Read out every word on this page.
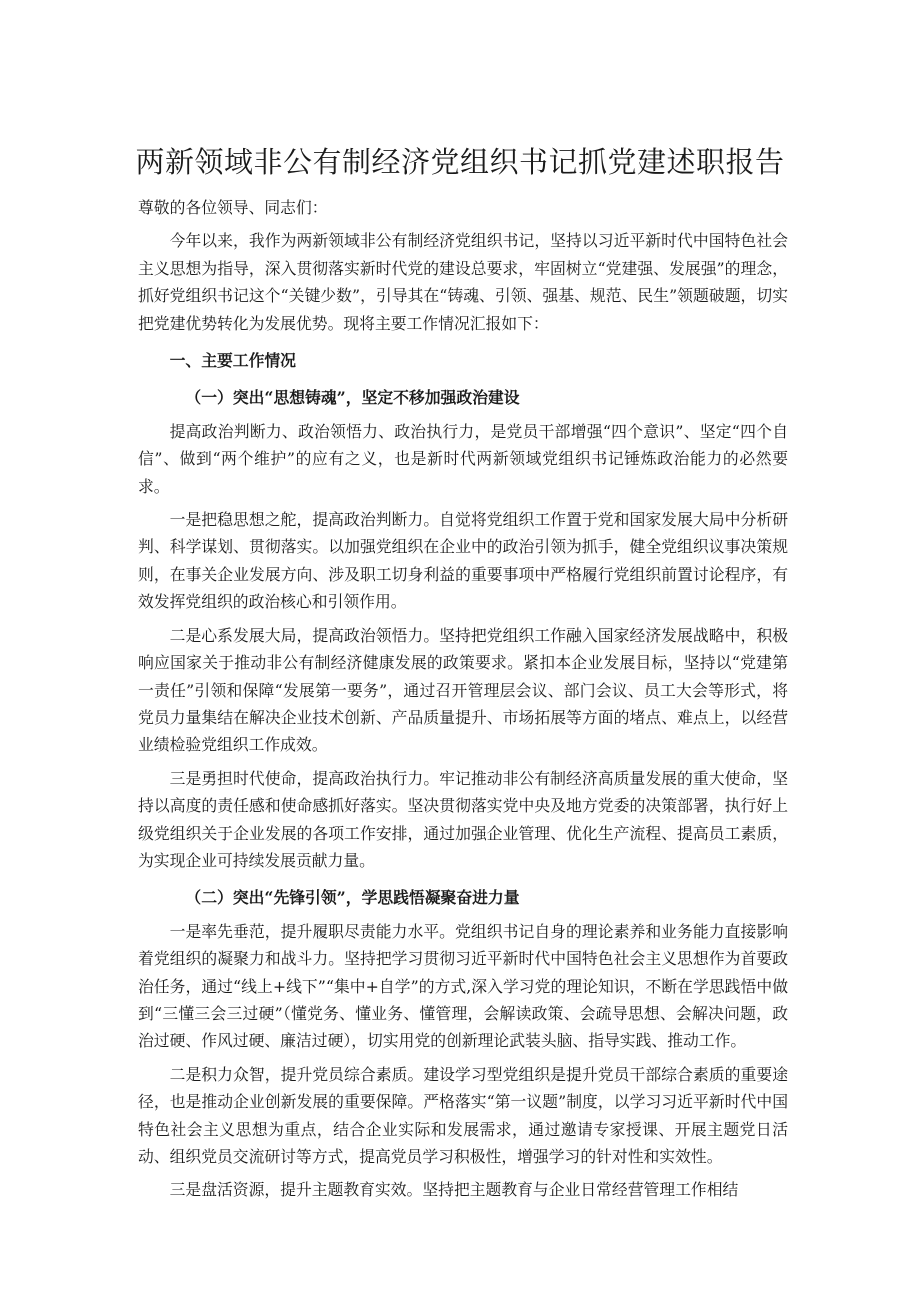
两新领域非公有制经济党组织书记抓党建述职报告

尊敬的各位领导、同志们：

今年以来，我作为两新领域非公有制经济党组织书记，坚持以习近平新时代中国特色社会主义思想为指导，深入贯彻落实新时代党的建设总要求，牢固树立“党建强、发展强”的理念，抓好党组织书记这个“关键少数”，引导其在“铸魂、引领、强基、规范、民生”领题破题，切实把党建优势转化为发展优势。现将主要工作情况汇报如下：

一、主要工作情况

（一）突出“思想铸魂”，坚定不移加强政治建设

提高政治判断力、政治领悟力、政治执行力，是党员干部增强“四个意识”、坚定“四个自信”、做到“两个维护”的应有之义，也是新时代两新领域党组织书记锤炼政治能力的必然要求。

一是把稳思想之舵，提高政治判断力。自觉将党组织工作置于党和国家发展大局中分析研判、科学谋划、贯彻落实。以加强党组织在企业中的政治引领为抓手，健全党组织议事决策规则，在事关企业发展方向、涉及职工切身利益的重要事项中严格履行党组织前置讨论程序，有效发挥党组织的政治核心和引领作用。

二是心系发展大局，提高政治领悟力。坚持把党组织工作融入国家经济发展战略中，积极响应国家关于推动非公有制经济健康发展的政策要求。紧扣本企业发展目标，坚持以“党建第一责任”引领和保障“发展第一要务”，通过召开管理层会议、部门会议、员工大会等形式，将党员力量集结在解决企业技术创新、产品质量提升、市场拓展等方面的堵点、难点上，以经营业绩检验党组织工作成效。

三是勇担时代使命，提高政治执行力。牢记推动非公有制经济高质量发展的重大使命，坚持以高度的责任感和使命感抓好落实。坚决贯彻落实党中央及地方党委的决策部署，执行好上级党组织关于企业发展的各项工作安排，通过加强企业管理、优化生产流程、提高员工素质，为实现企业可持续发展贡献力量。

（二）突出“先锋引领”，学思践悟凝聚奋进力量

一是率先垂范，提升履职尽责能力水平。党组织书记自身的理论素养和业务能力直接影响着党组织的凝聚力和战斗力。坚持把学习贯彻习近平新时代中国特色社会主义思想作为首要政治任务，通过“线上+线下”“集中+自学”的方式,深入学习党的理论知识，不断在学思践悟中做到“三懂三会三过硬”（懂党务、懂业务、懂管理，会解读政策、会疏导思想、会解决问题，政治过硬、作风过硬、廉洁过硬），切实用党的创新理论武装头脑、指导实践、推动工作。

二是积力众智，提升党员综合素质。建设学习型党组织是提升党员干部综合素质的重要途径，也是推动企业创新发展的重要保障。严格落实“第一议题”制度，以学习习近平新时代中国特色社会主义思想为重点，结合企业实际和发展需求，通过邀请专家授课、开展主题党日活动、组织党员交流研讨等方式，提高党员学习积极性，增强学习的针对性和实效性。

三是盘活资源，提升主题教育实效。坚持把主题教育与企业日常经营管理工作相结
